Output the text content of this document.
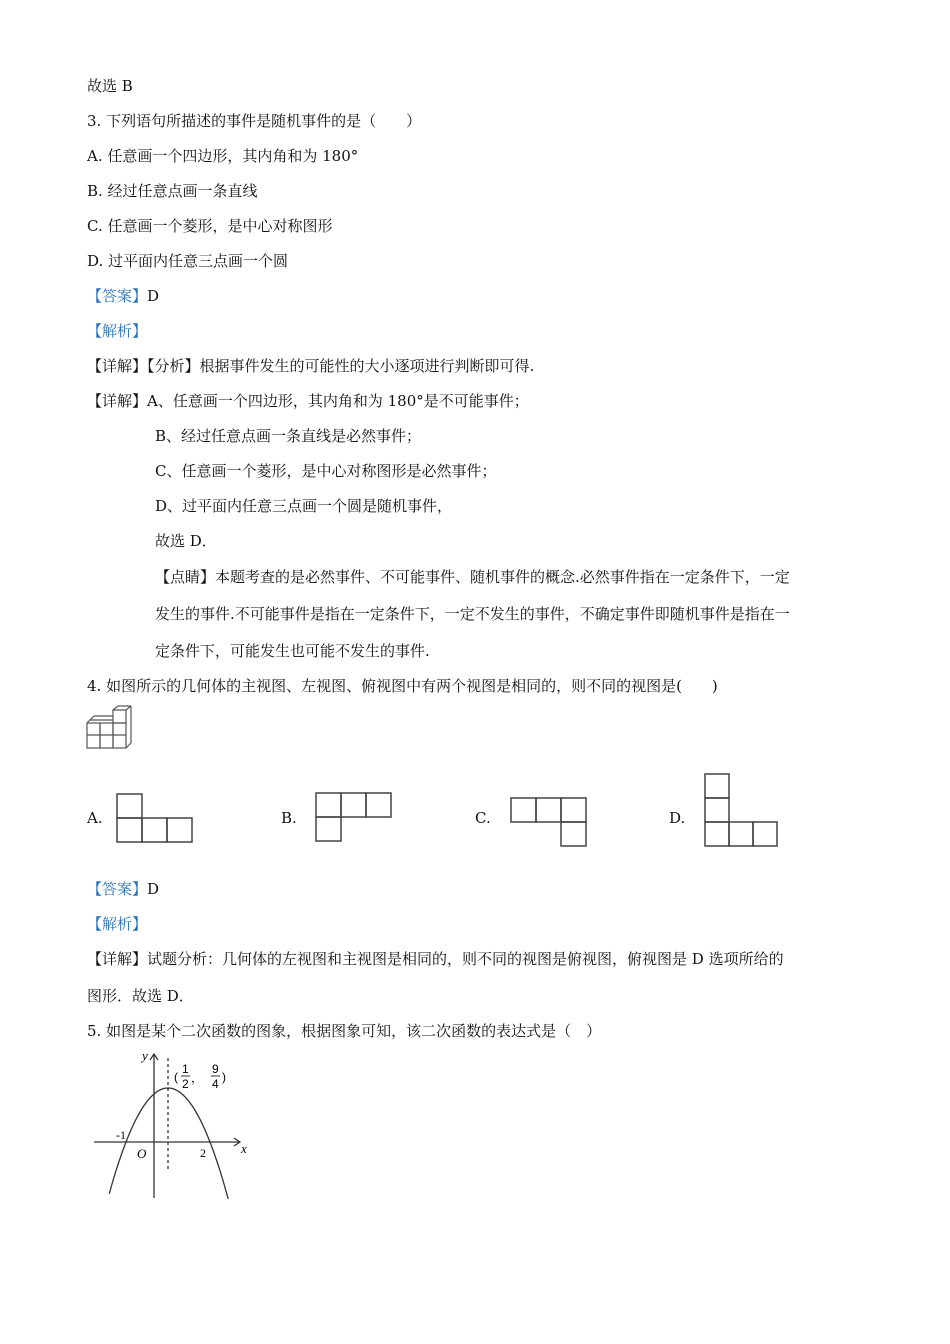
故选 B
3. 下列语句所描述的事件是随机事件的是（　　）
A. 任意画一个四边形，其内角和为 180°
B. 经过任意点画一条直线
C. 任意画一个菱形，是中心对称图形
D. 过平面内任意三点画一个圆
【答案】D
【解析】
【详解】【分析】根据事件发生的可能性的大小逐项进行判断即可得.
【详解】A、任意画一个四边形，其内角和为 180°是不可能事件；
B、经过任意点画一条直线是必然事件；
C、任意画一个菱形，是中心对称图形是必然事件；
D、过平面内任意三点画一个圆是随机事件，
故选 D．
【点睛】本题考查的是必然事件、不可能事件、随机事件的概念.必然事件指在一定条件下，一定
发生的事件.不可能事件是指在一定条件下，一定不发生的事件，不确定事件即随机事件是指在一
定条件下，可能发生也可能不发生的事件.
4. 如图所示的几何体的主视图、左视图、俯视图中有两个视图是相同的，则不同的视图是(　　)
A.	B.	C.	D.
【答案】D
【解析】
【详解】试题分析：几何体的左视图和主视图是相同的，则不同的视图是俯视图，俯视图是 D 选项所给的
图形．故选 D．
5. 如图是某个二次函数的图象，根据图象可知，该二次函数的表达式是（　）
y
x
O
-1
2
(
1
2 ，
9
4 )
